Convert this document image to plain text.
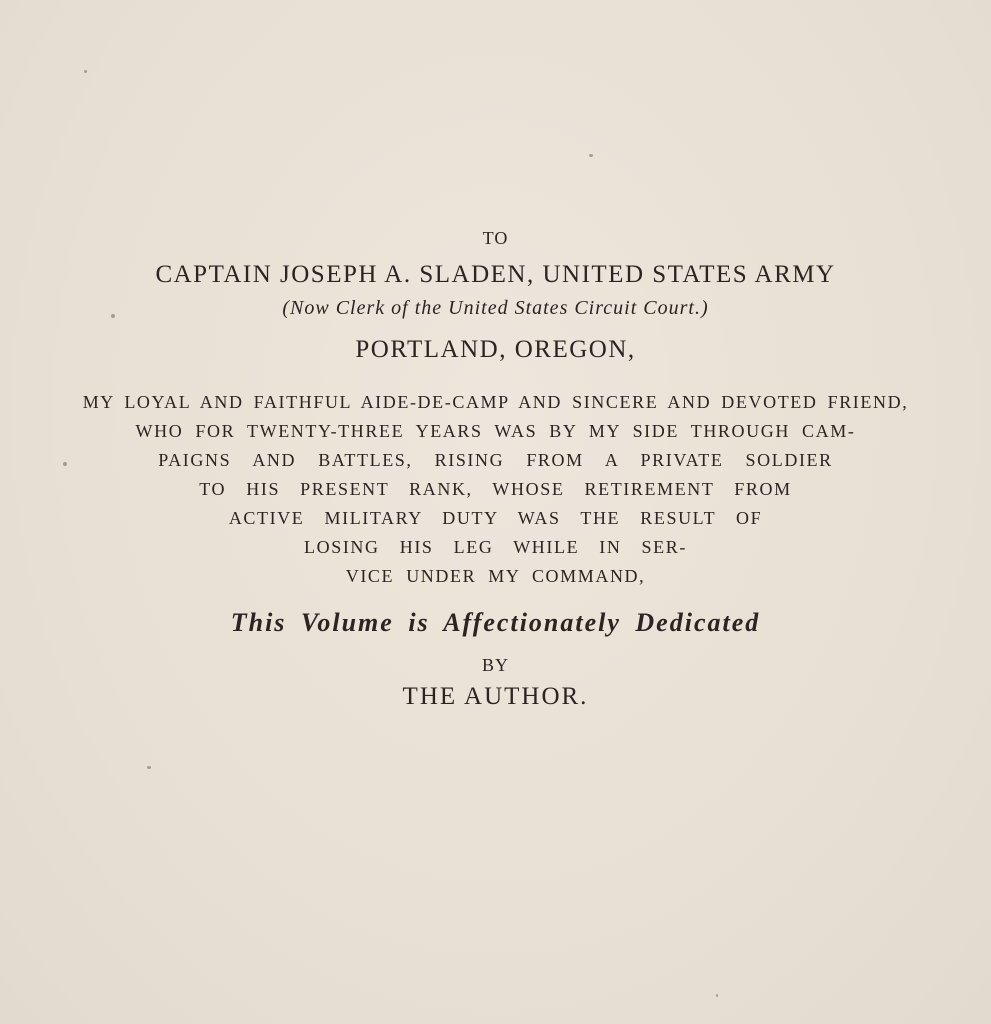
TO
CAPTAIN JOSEPH A. SLADEN, UNITED STATES ARMY
(Now Clerk of the United States Circuit Court.)
PORTLAND, OREGON,
MY LOYAL AND FAITHFUL AIDE-DE-CAMP AND SINCERE AND DEVOTED FRIEND,
WHO FOR TWENTY-THREE YEARS WAS BY MY SIDE THROUGH CAM-
PAIGNS AND BATTLES, RISING FROM A PRIVATE SOLDIER
TO HIS PRESENT RANK, WHOSE RETIREMENT FROM
ACTIVE MILITARY DUTY WAS THE RESULT OF
LOSING HIS LEG WHILE IN SER-
VICE UNDER MY COMMAND,
This Volume is Affectionately Dedicated
BY
THE AUTHOR.
